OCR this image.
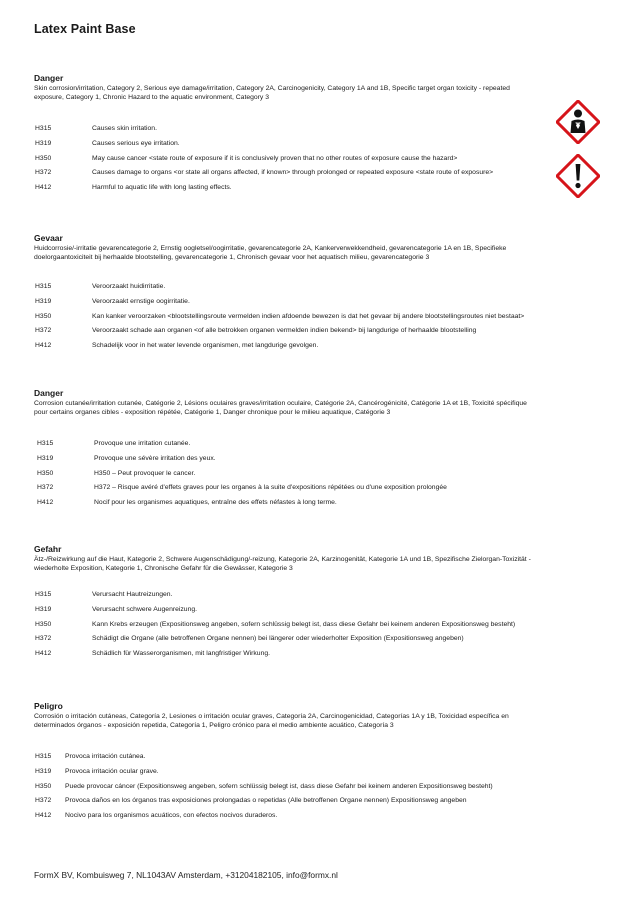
Latex Paint Base
Danger

Skin corrosion/irritation, Category 2, Serious eye damage/irritation, Category 2A, Carcinogenicity, Category 1A and 1B, Specific target organ toxicity - repeated exposure, Category 1, Chronic Hazard to the aquatic environment, Category 3

H315	Causes skin irritation.
H319	Causes serious eye irritation.
H350	May cause cancer <state route of exposure if it is conclusively proven that no other routes of exposure cause the hazard>
H372	Causes damage to organs <or state all organs affected, if known> through prolonged or repeated exposure <state route of exposure>
H412	Harmful to aquatic life with long lasting effects.
Gevaar

Huidcorrosie/-irritatie gevarencategorie 2, Ernstig oogletsel/oogirritatie, gevarencategorie 2A, Kankerverwekkendheid, gevarencategorie 1A en 1B, Specifieke doelorgaantoxiciteit bij herhaalde blootstelling, gevarencategorie 1, Chronisch gevaar voor het aquatisch milieu, gevarencategorie 3

H315	Veroorzaakt huidirritatie.
H319	Veroorzaakt ernstige oogirritatie.
H350	Kan kanker veroorzaken <blootstellingsroute vermelden indien afdoende bewezen is dat het gevaar bij andere blootstellingsroutes niet bestaat>
H372	Veroorzaakt schade aan organen <of alle betrokken organen vermelden indien bekend> bij langdurige of herhaalde blootstelling
H412	Schadelijk voor in het water levende organismen, met langdurige gevolgen.
Danger

Corrosion cutanée/irritation cutanée, Catégorie 2, Lésions oculaires graves/irritation oculaire, Catégorie 2A, Cancérogénicité, Catégorie 1A et 1B, Toxicité spécifique pour certains organes cibles - exposition répétée, Catégorie 1, Danger chronique pour le milieu aquatique, Catégorie 3

H315	Provoque une irritation cutanée.
H319	Provoque une sévère irritation des yeux.
H350	H350 – Peut provoquer le cancer.
H372	H372 – Risque avéré d'effets graves pour les organes à la suite d'expositions répétées ou d'une exposition prolongée
H412	Nocif pour les organismes aquatiques, entraîne des effets néfastes à long terme.
Gefahr

Ätz-/Reizwirkung auf die Haut, Kategorie 2, Schwere Augenschädigung/-reizung, Kategorie 2A, Karzinogenität, Kategorie 1A und 1B, Spezifische Zielorgan-Toxizität - wiederholte Exposition, Kategorie 1, Chronische Gefahr für die Gewässer, Kategorie 3

H315	Verursacht Hautreizungen.
H319	Verursacht schwere Augenreizung.
H350	Kann Krebs erzeugen (Expositionsweg angeben, sofern schlüssig belegt ist, dass diese Gefahr bei keinem anderen Expositionsweg besteht)
H372	Schädigt die Organe (alle betroffenen Organe nennen) bei längerer oder wiederholter Exposition (Expositionsweg angeben)
H412	Schädlich für Wasserorganismen, mit langfristiger Wirkung.
Peligro

Corrosión o irritación cutáneas, Categoría 2, Lesiones o irritación ocular graves, Categoría 2A, Carcinogenicidad, Categorías 1A y 1B, Toxicidad específica en determinados órganos - exposición repetida, Categoría 1, Peligro crónico para el medio ambiente acuático, Categoría 3

H315 Provoca irritación cutánea.
H319 Provoca irritación ocular grave.
H350 Puede provocar cáncer (Expositionsweg angeben, sofern schlüssig belegt ist, dass diese Gefahr bei keinem anderen Expositionsweg besteht)
H372 Provoca daños en los órganos tras exposiciones prolongadas o repetidas (Alle betroffenen Organe nennen) Expositionsweg angeben
H412 Nocivo para los organismos acuáticos, con efectos nocivos duraderos.
FormX BV, Kombuisweg 7, NL1043AV Amsterdam, +31204182105, info@formx.nl
